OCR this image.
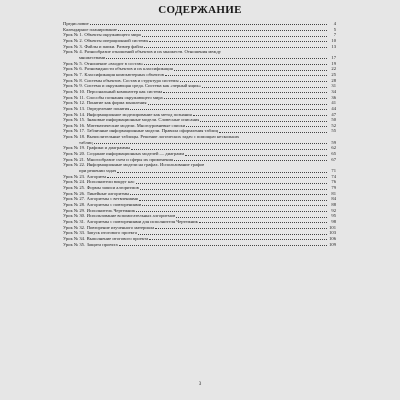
СОДЕРЖАНИЕ
Предисловие	4
Календарное планирование	5
Урок № 1. Объекты окружающего мира	7
Урок № 2. Объекты операционной системы	10
Урок № 3. Файлы и папки. Размер файла	13
Урок № 4. Разнообразие отношений объектов и их множеств. Отношения между
множествами	17
Урок № 5. Отношение «входит в состав»	19
Урок № 6. Разновидности объектов и их классификация	22
Урок № 7. Классификация компьютерных объектов	25
Урок № 8. Системы объектов. Состав и структура системы	28
Урок № 9. Система и окружающая среда. Система как «черный ящик»	31
Урок № 10. Персональный компьютер как система	34
Урок № 11. Способы познания окружающего мира	36
Урок № 12. Понятие как форма мышления	41
Урок № 13. Определение понятия	44
Урок № 14. Информационное моделирование как метод познания	47
Урок № 15. Знаковые информационные модели. Словесные описания	50
Урок № 16. Математические модели. Многоуровневые списки	52
Урок № 17. Табличные информационные модели. Правила оформления таблиц	55
Урок № 18. Вычислительные таблицы. Решение логических задач с помощью нескольких
таблиц	59
Урок № 19. Графики и диаграммы	62
Урок № 20. Создание информационных моделей — диаграмм	65
Урок № 21. Многообразие схем и сферы их применения	67
Урок № 22. Информационные модели на графах. Использование графов
при решении задач	71
Урок № 23. Алгоритм	74
Урок № 24. Исполнители вокруг нас	76
Урок № 25. Формы записи алгоритмов	79
Урок № 26. Линейные алгоритмы	81
Урок № 27. Алгоритмы с ветвлениями	84
Урок № 28. Алгоритмы с повторениями	88
Урок № 29. Исполнитель Чертежник	92
Урок № 30. Использование вспомогательных алгоритмов	95
Урок № 31. Алгоритмы с повторениями для исполнителя Чертежник	98
Урок № 32. Повторение изученного материала	101
Урок № 33. Запуск итогового проекта	103
Урок № 34. Выполнение итогового проекта	106
Урок № 35. Защита проекта	109
3
